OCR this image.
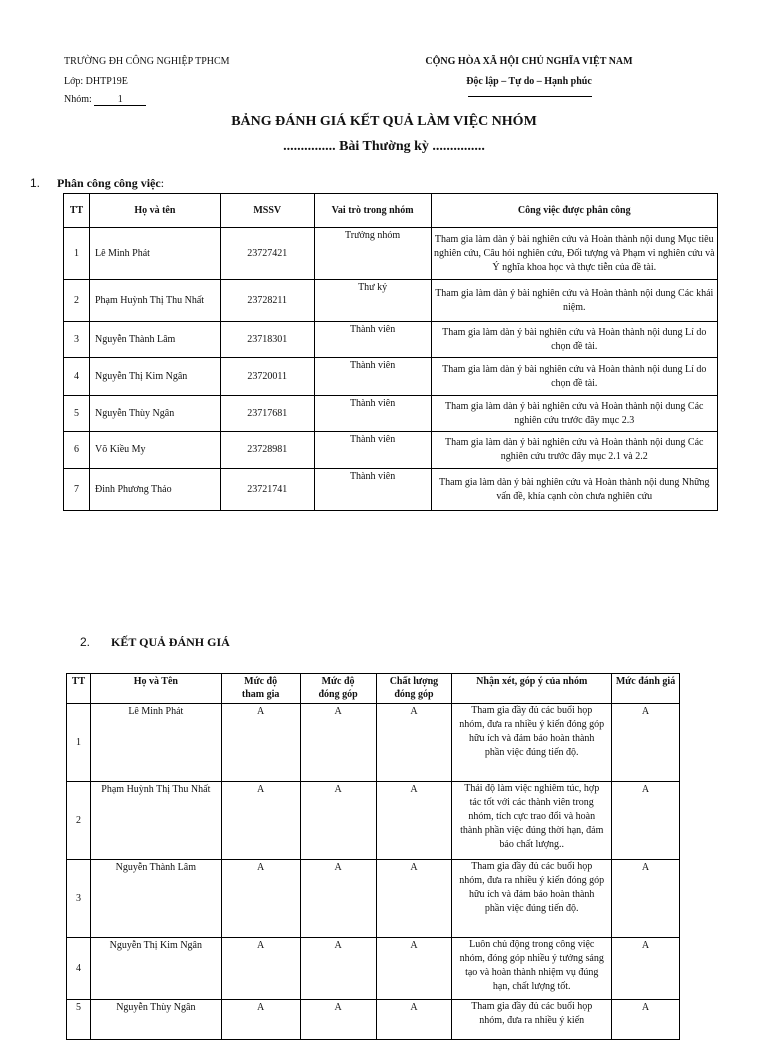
TRƯỜNG ĐH CÔNG NGHIỆP TPHCM
Lớp: DHTP19E
Nhóm:	1
CỘNG HÒA XÃ HỘI CHỦ NGHĨA VIỆT NAM
Độc lập – Tự do – Hạnh phúc
BẢNG ĐÁNH GIÁ KẾT QUẢ LÀM VIỆC NHÓM
............... Bài Thường kỳ ...............
1. Phân công công việc:
TT	Họ và tên	MSSV	Vai trò trong nhóm	Công việc được phân công
1	Lê Minh Phát	23727421	Trưởng nhóm	Tham gia làm dàn ý bài nghiên cứu và Hoàn thành nội dung Mục tiêu nghiên cứu, Câu hỏi nghiên cứu, Đối tượng và Phạm vi nghiên cứu và Ý nghĩa khoa học và thực tiễn của đề tài.
2	Phạm Huỳnh Thị Thu Nhất	23728211	Thư ký	Tham gia làm dàn ý bài nghiên cứu và Hoàn thành nội dung Các khái niệm.
3	Nguyễn Thành Lâm	23718301	Thành viên	Tham gia làm dàn ý bài nghiên cứu và Hoàn thành nội dung Lí do chọn đề tài.
4	Nguyễn Thị Kim Ngân	23720011	Thành viên	Tham gia làm dàn ý bài nghiên cứu và Hoàn thành nội dung Lí do chọn đề tài.
5	Nguyễn Thùy Ngân	23717681	Thành viên	Tham gia làm dàn ý bài nghiên cứu và Hoàn thành nội dung Các nghiên cứu trước đây mục 2.3
6	Võ Kiều My	23728981	Thành viên	Tham gia làm dàn ý bài nghiên cứu và Hoàn thành nội dung Các nghiên cứu trước đây mục 2.1 và 2.2
7	Đinh Phương Thảo	23721741	Thành viên	Tham gia làm dàn ý bài nghiên cứu và Hoàn thành nội dung Những vấn đề, khía cạnh còn chưa nghiên cứu
2. KẾT QUẢ ĐÁNH GIÁ
TT	Họ và Tên	Mức độ tham gia	Mức độ đóng góp	Chất lượng đóng góp	Nhận xét, góp ý của nhóm	Mức đánh giá
1	Lê Minh Phát	A	A	A	Tham gia đầy đủ các buổi họp nhóm, đưa ra nhiều ý kiến đóng góp hữu ích và đảm bảo hoàn thành phần việc đúng tiến độ.	A
2	Phạm Huỳnh Thị Thu Nhất	A	A	A	Thái độ làm việc nghiêm túc, hợp tác tốt với các thành viên trong nhóm, tích cực trao đổi và hoàn thành phần việc đúng thời hạn, đảm bảo chất lượng..	A
3	Nguyễn Thành Lâm	A	A	A	Tham gia đầy đủ các buổi họp nhóm, đưa ra nhiều ý kiến đóng góp hữu ích và đảm bảo hoàn thành phần việc đúng tiến độ.	A
4	Nguyễn Thị Kim Ngân	A	A	A	Luôn chủ động trong công việc nhóm, đóng góp nhiều ý tưởng sáng tạo và hoàn thành nhiệm vụ đúng hạn, chất lượng tốt.	A
5	Nguyễn Thùy Ngân	A	A	A	Tham gia đầy đủ các buổi họp nhóm, đưa ra nhiều ý kiến	A
